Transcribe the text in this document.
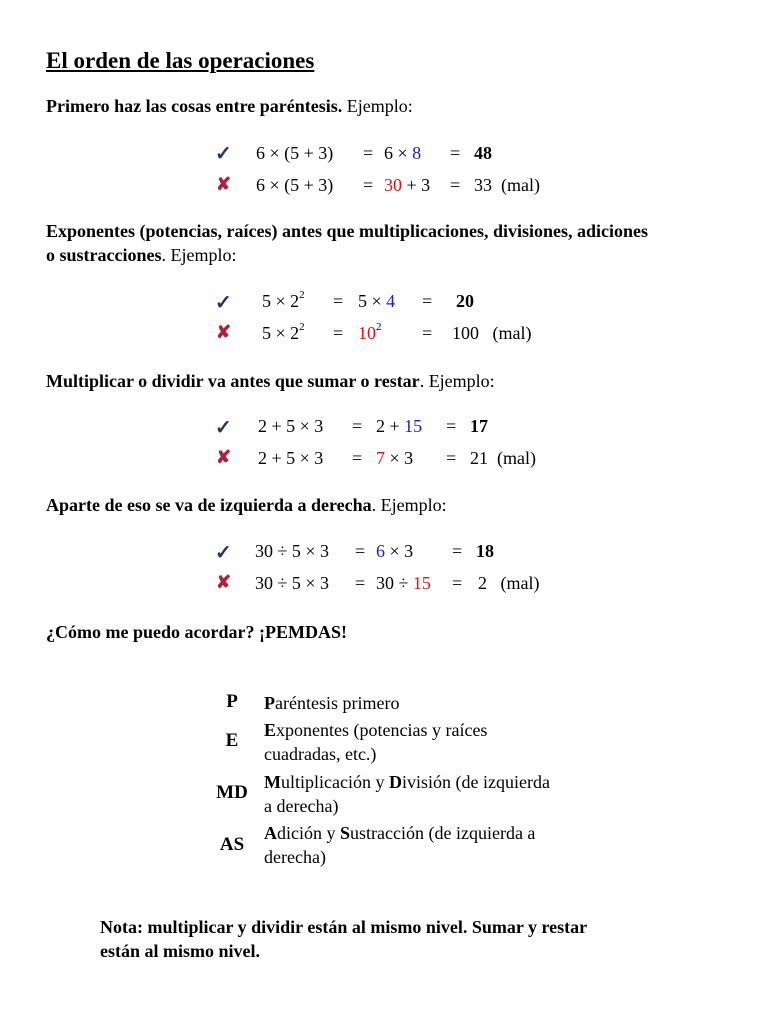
El orden de las operaciones
Primero haz las cosas entre paréntesis. Ejemplo:
✓ 6 × (5 + 3) = 6 × 8 = 48
✘ 6 × (5 + 3) = 30 + 3 = 33 (mal)
Exponentes (potencias, raíces) antes que multiplicaciones, divisiones, adiciones
o sustracciones. Ejemplo:
✓ $5 \times 2^2 = 5 \times 4 = 20$
✘ $5 \times 2^2 = 10^2 = 100$ (mal)
Multiplicar o dividir va antes que sumar o restar. Ejemplo:
✓ 2 + 5 × 3 = 2 + 15 = 17
✘ 2 + 5 × 3 = 7 × 3 = 21 (mal)
Aparte de eso se va de izquierda a derecha. Ejemplo:
✓ 30 ÷ 5 × 3 = 6 × 3 = 18
✘ 30 ÷ 5 × 3 = 30 ÷ 15 = 2 (mal)
¿Cómo me puedo acordar? ¡PEMDAS!
P	Paréntesis primero
E	Exponentes (potencias y raíces cuadradas, etc.)
MD Multiplicación y División (de izquierda a derecha)
AS
Adición y Sustracción (de izquierda a derecha)
Nota: multiplicar y dividir están al mismo nivel. Sumar y restar
están al mismo nivel.
